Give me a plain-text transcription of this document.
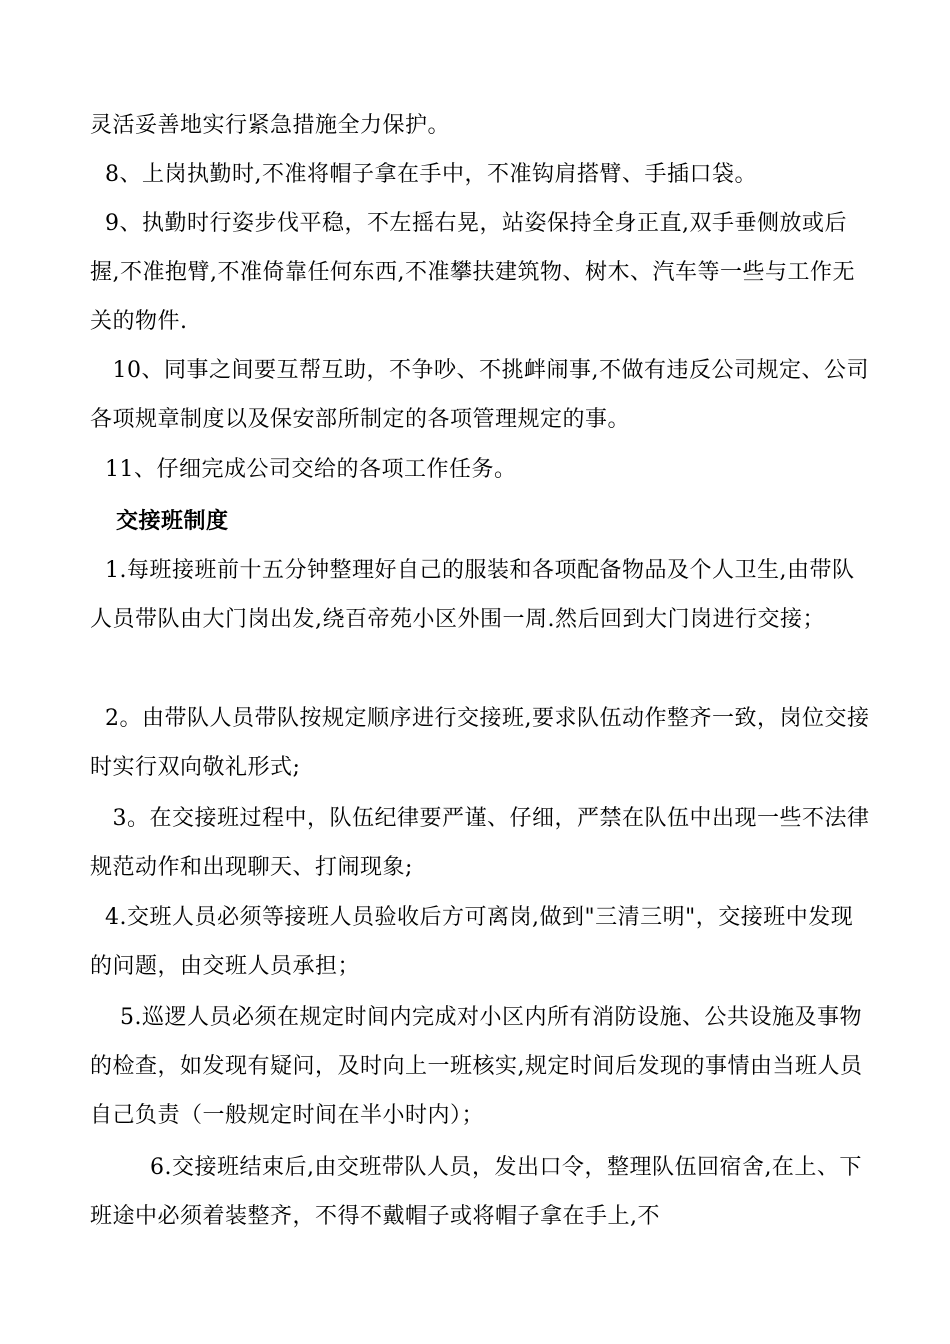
灵活妥善地实行紧急措施全力保护。
8、上岗执勤时,不准将帽子拿在手中，不准钩肩搭臂、手插口袋。
9、执勤时行姿步伐平稳，不左摇右晃，站姿保持全身正直,双手垂侧放或后握,不准抱臂,不准倚靠任何东西,不准攀扶建筑物、树木、汽车等一些与工作无关的物件.
10、同事之间要互帮互助，不争吵、不挑衅闹事,不做有违反公司规定、公司各项规章制度以及保安部所制定的各项管理规定的事。
11、仔细完成公司交给的各项工作任务。
交接班制度
1.每班接班前十五分钟整理好自己的服装和各项配备物品及个人卫生,由带队人员带队由大门岗出发,绕百帝苑小区外围一周.然后回到大门岗进行交接；
2。由带队人员带队按规定顺序进行交接班,要求队伍动作整齐一致，岗位交接时实行双向敬礼形式;
3。在交接班过程中，队伍纪律要严谨、仔细，严禁在队伍中出现一些不法律规范动作和出现聊天、打闹现象;
4.交班人员必须等接班人员验收后方可离岗,做到"三清三明"，交接班中发现的问题，由交班人员承担；
5.巡逻人员必须在规定时间内完成对小区内所有消防设施、公共设施及事物的检查，如发现有疑问，及时向上一班核实,规定时间后发现的事情由当班人员自己负责（一般规定时间在半小时内）；
6.交接班结束后,由交班带队人员，发出口令，整理队伍回宿舍,在上、下班途中必须着装整齐，不得不戴帽子或将帽子拿在手上,不
